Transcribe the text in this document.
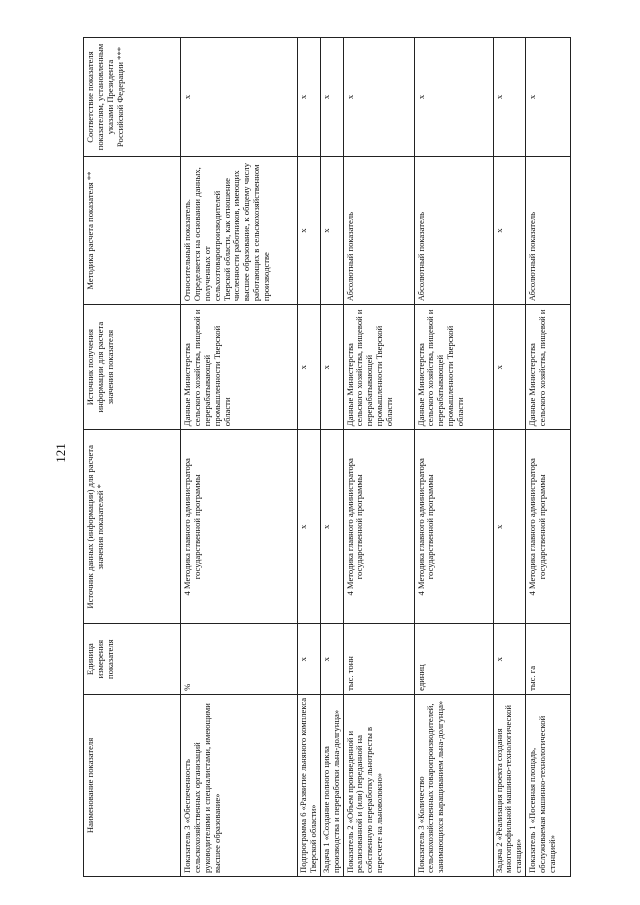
121
Наименование показателя	Единица измерения показателя	Источник данных (информации) для расчета значения показателей *	Источник получения информации для расчета значения показателя	Методика расчета показателя **	Соответствие показателя показателям, установленным указами Президента Российской Федерации ***
Показатель 3 «Обеспеченность сельскохозяйственных организаций руководителями и специалистами, имеющими высшее образование»	%	4 Методика главного администратора государственной программы	Данные Министерства сельского хозяйства, пищевой и перерабатывающей промышленности Тверской области	Относительный показатель. Определяется на основании данных, полученных от сельхозтоваропроизводителей Тверской области, как отношение численности работников, имеющих высшее образование, к общему числу работающих в сельскохозяйственном производстве	x
Подпрограмма 6 «Развитие льняного комплекса Тверской области»	x	x	x	x	x
Задача 1 «Создание полного цикла производства и переработки льна-долгунца»	x	x	x	x	x
Показатель 2 «Объем произведенной и реализованной и (или) переданной на собственную переработку льнотресты в пересчете на льноволокно»	тыс. тонн	4 Методика главного администратора государственной программы	Данные Министерства сельского хозяйства, пищевой и перерабатывающей промышленности Тверской области	Абсолютный показатель	x
Показатель 3 «Количество сельскохозяйственных товаропроизводителей, занимающихся выращиванием льна-долгунца»	единиц	4 Методика главного администратора государственной программы	Данные Министерства сельского хозяйства, пищевой и перерабатывающей промышленности Тверской области	Абсолютный показатель	x
Задача 2 «Реализация проекта создания многопрофильной машинно-технологической станции»	x	x	x	x	x
Показатель 1 «Посевная площадь, обслуживаемая машинно-технологической станцией»	тыс. га	4 Методика главного администратора государственной программы	Данные Министерства сельского хозяйства, пищевой и	Абсолютный показатель	x
